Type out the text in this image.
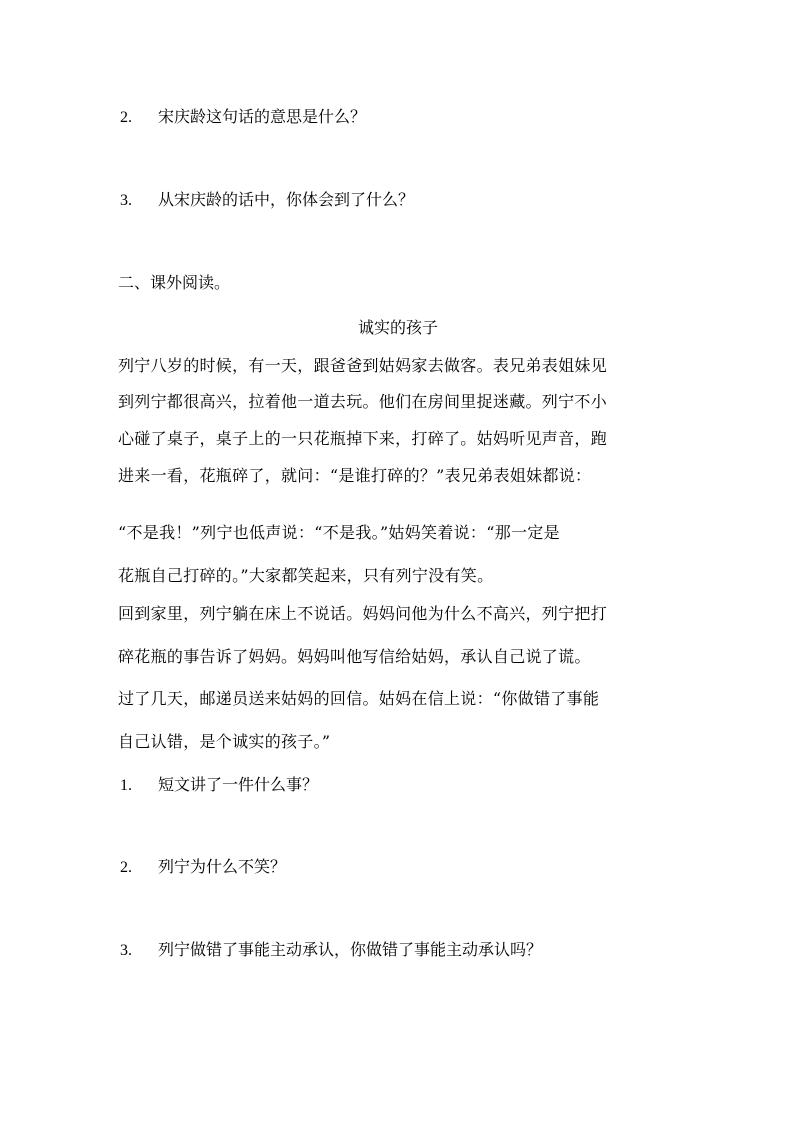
2. 宋庆龄这句话的意思是什么？
3. 从宋庆龄的话中，你体会到了什么？
二、课外阅读。
诚实的孩子
列宁八岁的时候，有一天，跟爸爸到姑妈家去做客。表兄弟表姐妹见
到列宁都很高兴，拉着他一道去玩。他们在房间里捉迷藏。列宁不小
心碰了桌子，桌子上的一只花瓶掉下来，打碎了。姑妈听见声音，跑
进来一看，花瓶碎了，就问：“是谁打碎的？”表兄弟表姐妹都说：
“不是我！”列宁也低声说：“不是我。”姑妈笑着说：“那一定是
花瓶自己打碎的。”大家都笑起来，只有列宁没有笑。
回到家里，列宁躺在床上不说话。妈妈问他为什么不高兴，列宁把打
碎花瓶的事告诉了妈妈。妈妈叫他写信给姑妈，承认自己说了谎。
过了几天，邮递员送来姑妈的回信。姑妈在信上说：“你做错了事能
自己认错，是个诚实的孩子。”
1. 短文讲了一件什么事？
2. 列宁为什么不笑？
3. 列宁做错了事能主动承认，你做错了事能主动承认吗？
